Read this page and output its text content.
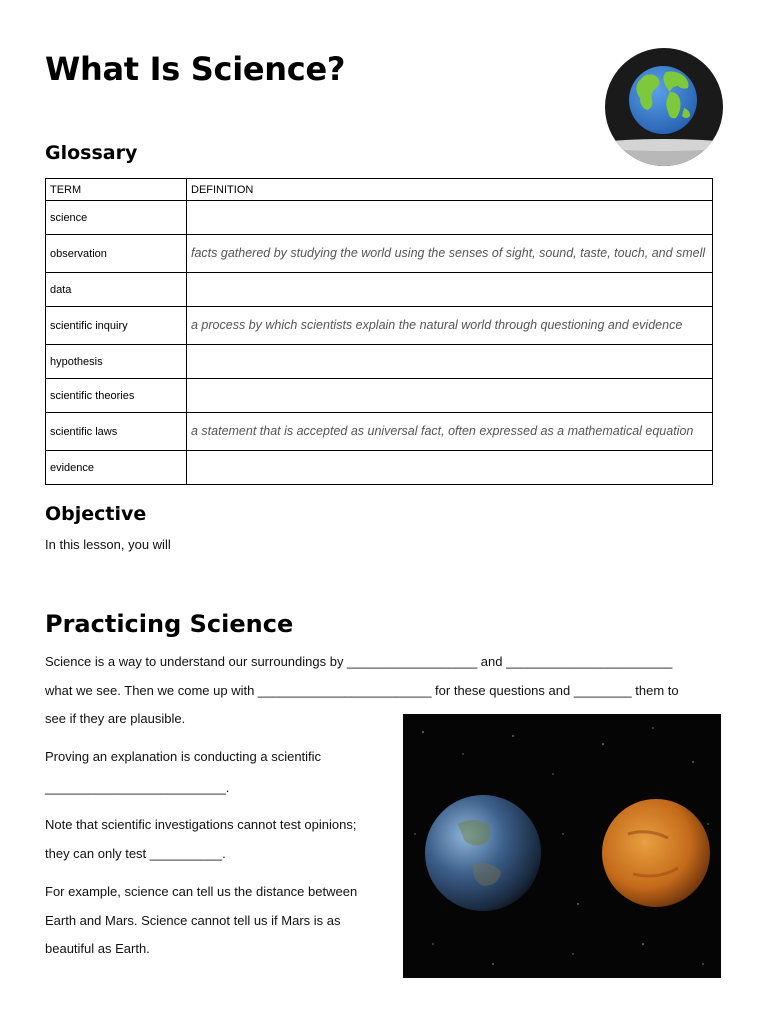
What Is Science?
Glossary
TERM	DEFINITION
science	
observation	facts gathered by studying the world using the senses of sight, sound, taste, touch, and smell
data	
scientific inquiry	a process by which scientists explain the natural world through questioning and evidence
hypothesis	
scientific theories	
scientific laws	a statement that is accepted as universal fact, often expressed as a mathematical equation
evidence	
Objective

In this lesson, you will

Practicing Science

Science is a way to understand our surroundings by __________________ and _______________________

what we see. Then we come up with ________________________ for these questions and ________ them to

see if they are plausible.

Proving an explanation is conducting a scientific

_________________________.

Note that scientific investigations cannot test opinions;

they can only test __________.

For example, science can tell us the distance between

Earth and Mars. Science cannot tell us if Mars is as

beautiful as Earth.
